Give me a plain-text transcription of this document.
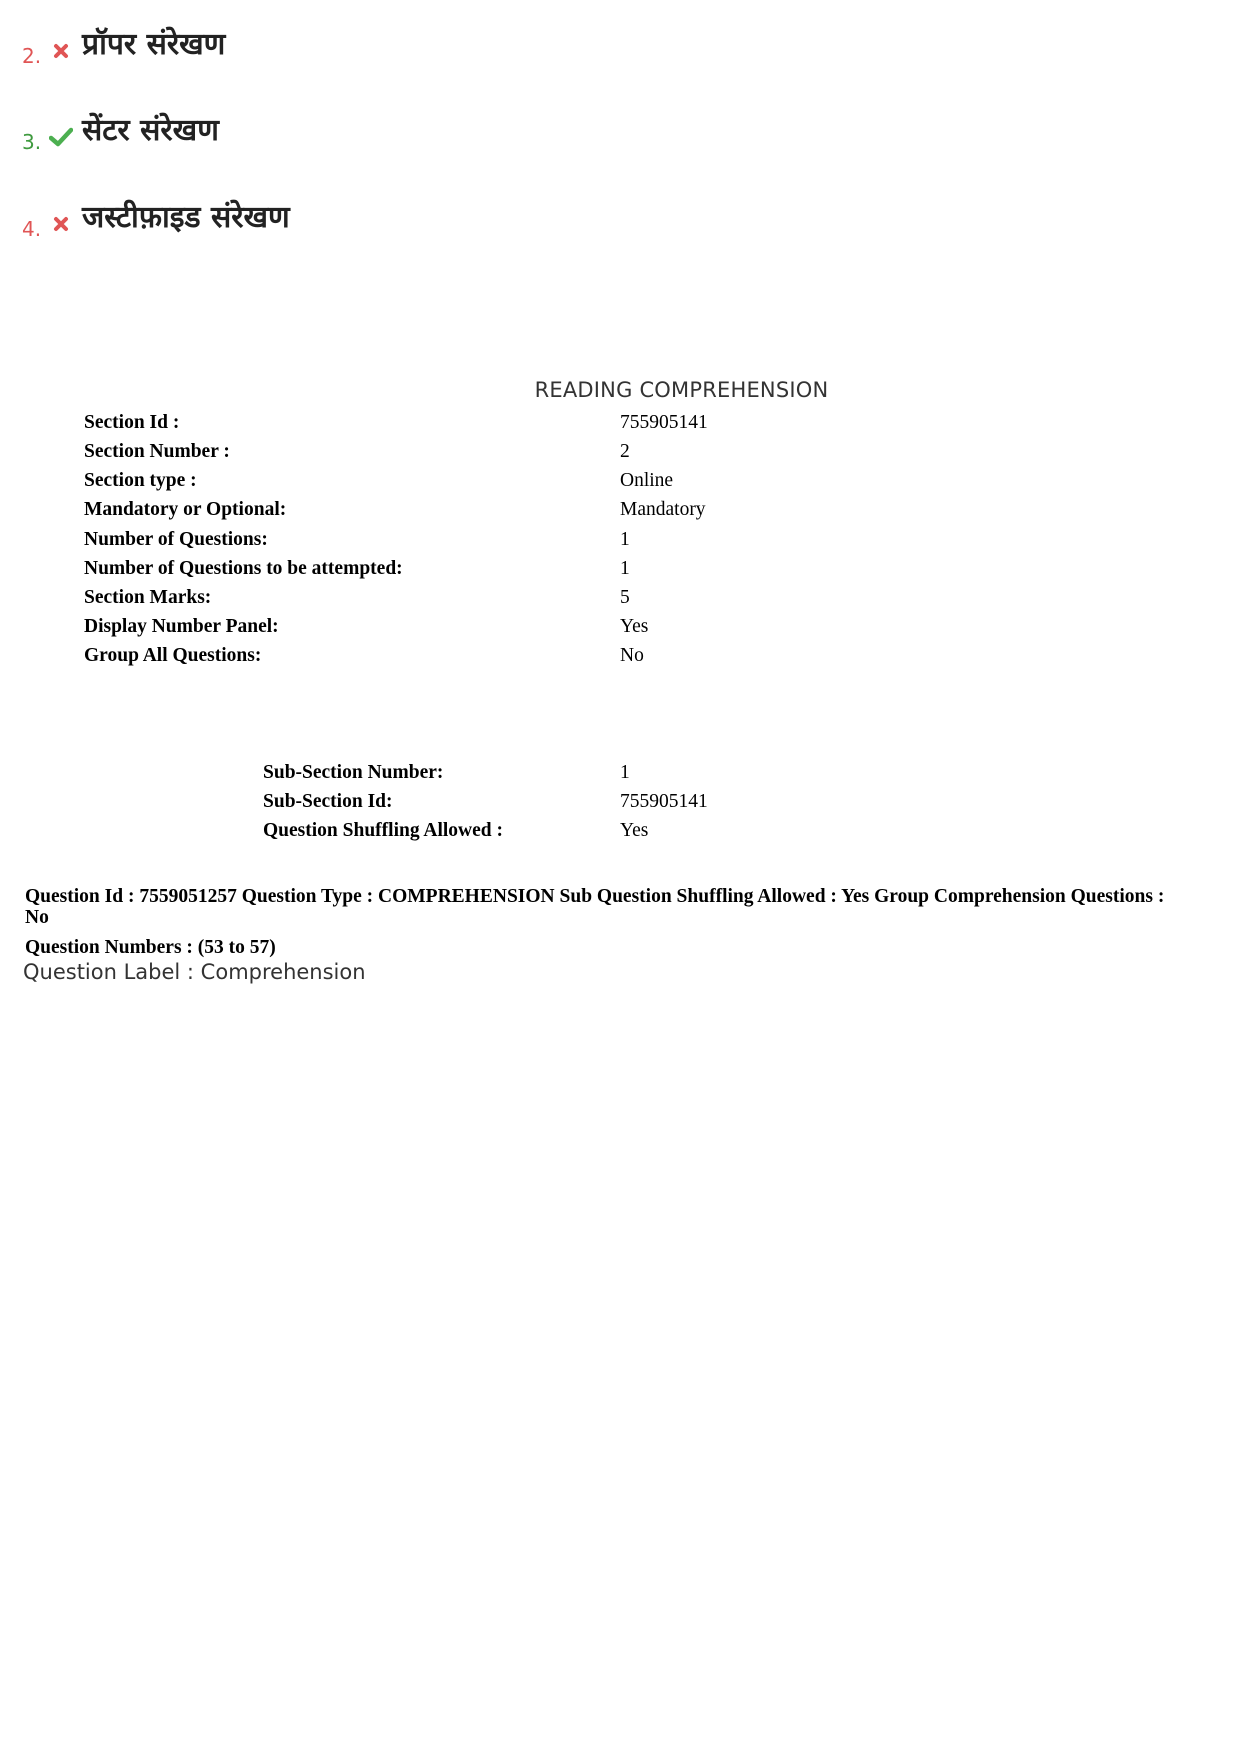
2. प्रॉपर संरेखण
3. सेंटर संरेखण
4. जस्टीफ़ाइड संरेखण
READING COMPREHENSION
Section Id :	755905141
Section Number :	2
Section type :	Online
Mandatory or Optional:	Mandatory
Number of Questions:	1
Number of Questions to be attempted:	1
Section Marks:	5
Display Number Panel:	Yes
Group All Questions:	No
Sub-Section Number:	1
Sub-Section Id:	755905141
Question Shuffling Allowed :	Yes
Question Id : 7559051257 Question Type : COMPREHENSION Sub Question Shuffling Allowed : Yes Group Comprehension Questions : No
Question Numbers : (53 to 57)
Question Label : Comprehension
